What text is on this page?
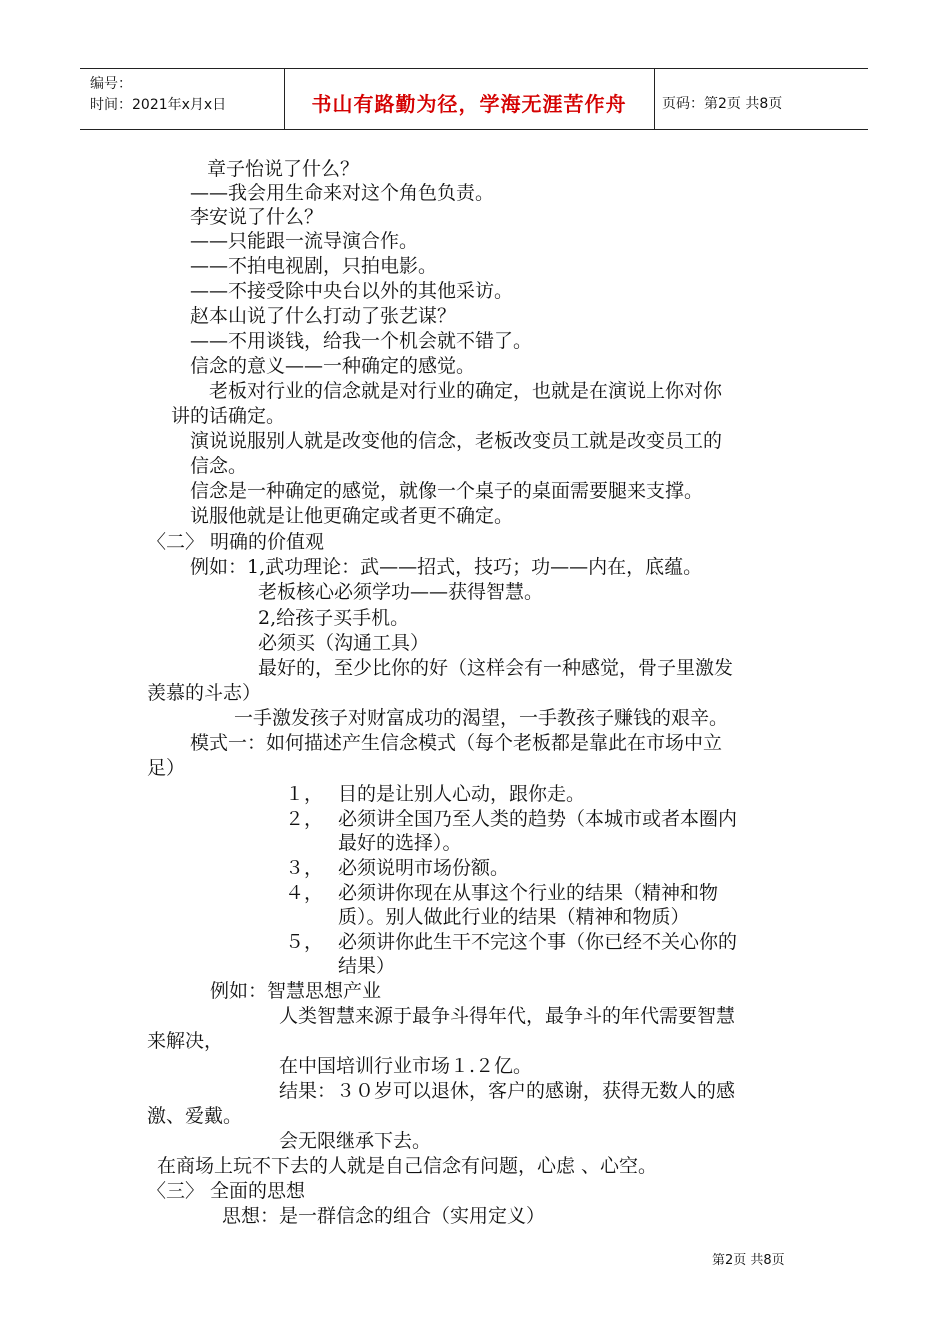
编号：
时间：2021年x月x日	书山有路勤为径，学海无涯苦作舟	页码：第2页 共8页
章子怡说了什么？
——我会用生命来对这个角色负责。
李安说了什么？
——只能跟一流导演合作。
——不拍电视剧，只拍电影。
——不接受除中央台以外的其他采访。
赵本山说了什么打动了张艺谋？
——不用谈钱，给我一个机会就不错了。
信念的意义——一种确定的感觉。
老板对行业的信念就是对行业的确定，也就是在演说上你对你
讲的话确定。
演说说服别人就是改变他的信念，老板改变员工就是改变员工的
信念。
信念是一种确定的感觉，就像一个桌子的桌面需要腿来支撑。
说服他就是让他更确定或者更不确定。
〈二〉 明确的价值观
例如：1,武功理论：武——招式，技巧；功——内在，底蕴。
老板核心必须学功——获得智慧。
2,给孩子买手机。
必须买（沟通工具）
最好的，至少比你的好（这样会有一种感觉，骨子里激发
羡慕的斗志）
一手激发孩子对财富成功的渴望，一手教孩子赚钱的艰辛。
模式一：如何描述产生信念模式（每个老板都是靠此在市场中立
足）
１， 目的是让别人心动，跟你走。
２， 必须讲全国乃至人类的趋势（本城市或者本圈内
最好的选择）。
３， 必须说明市场份额。
４， 必须讲你现在从事这个行业的结果（精神和物
质）。别人做此行业的结果（精神和物质）
５， 必须讲你此生干不完这个事（你已经不关心你的
结果）
例如：智慧思想产业
人类智慧来源于最争斗得年代，最争斗的年代需要智慧
来解决，
在中国培训行业市场１.２亿。
结果：３０岁可以退休，客户的感谢，获得无数人的感
激、爱戴。
会无限继承下去。
在商场上玩不下去的人就是自己信念有问题，心虑 、心空。
〈三〉 全面的思想
思想：是一群信念的组合（实用定义）
第2页 共8页
